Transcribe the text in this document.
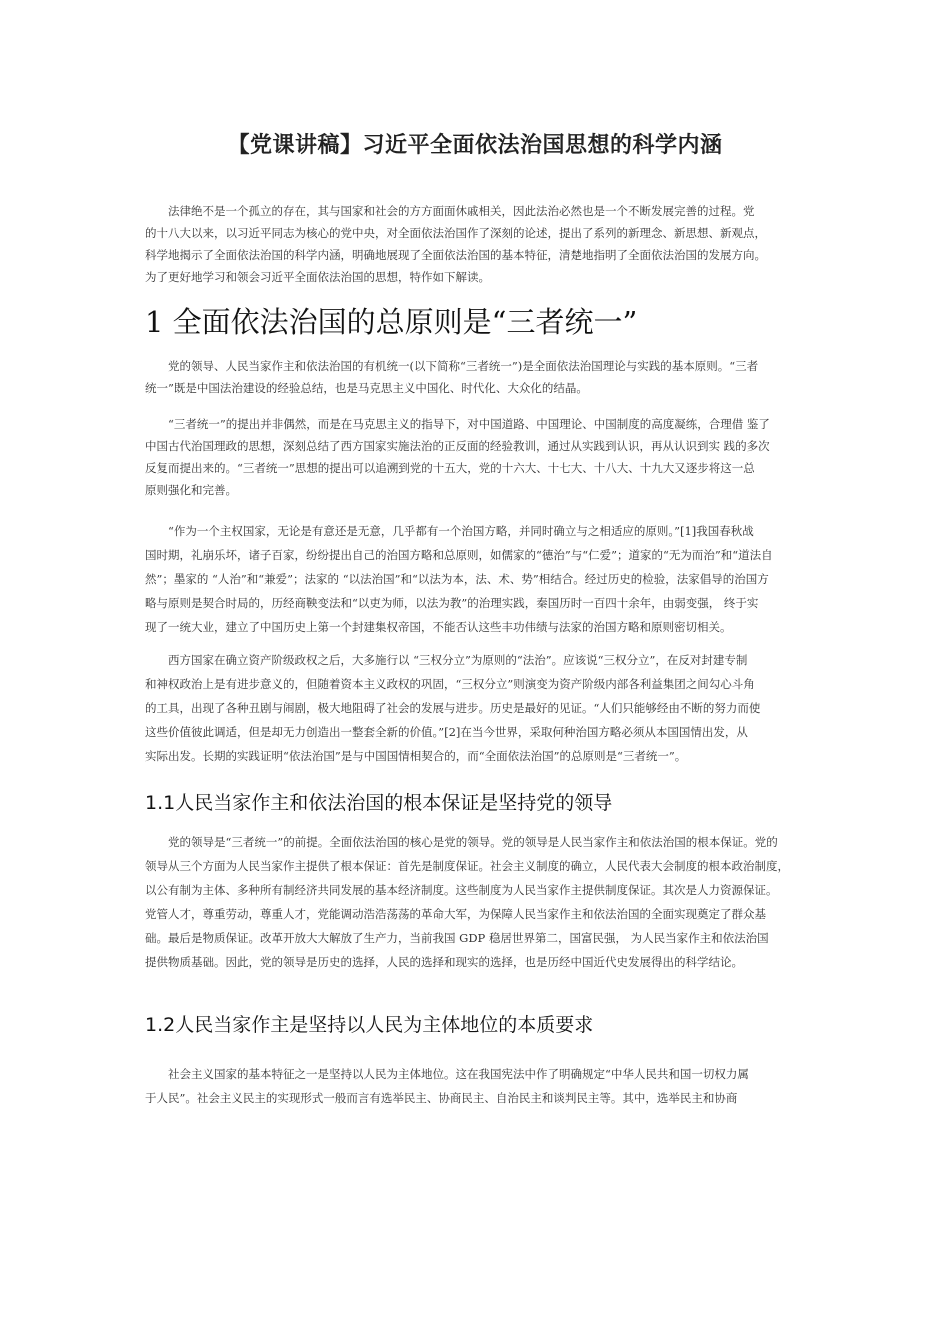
【党课讲稿】习近平全面依法治国思想的科学内涵
法律绝不是一个孤立的存在，其与国家和社会的方方面面休戚相关，因此法治必然也是一个不断发展完善的过程。党
的十八大以来，以习近平同志为核心的党中央，对全面依法治国作了深刻的论述，提出了系列的新理念、新思想、新观点，
科学地揭示了全面依法治国的科学内涵，明确地展现了全面依法治国的基本特征，清楚地指明了全面依法治国的发展方向。
为了更好地学习和领会习近平全面依法治国的思想，特作如下解读。
1 全面依法治国的总原则是“三者统一”
党的领导、人民当家作主和依法治国的有机统一(以下简称“三者统一”)是全面依法治国理论与实践的基本原则。“三者
统一”既是中国法治建设的经验总结，也是马克思主义中国化、时代化、大众化的结晶。
“三者统一”的提出并非偶然，而是在马克思主义的指导下，对中国道路、中国理论、中国制度的高度凝练，合理借 鉴了
中国古代治国理政的思想，深刻总结了西方国家实施法治的正反面的经验教训，通过从实践到认识，再从认识到实 践的多次
反复而提出来的。“三者统一”思想的提出可以追溯到党的十五大，党的十六大、十七大、十八大、十九大又逐步将这一总
原则强化和完善。
“作为一个主权国家，无论是有意还是无意，几乎都有一个治国方略，并同时确立与之相适应的原则。”[1]我国春秋战
国时期，礼崩乐坏，诸子百家，纷纷提出自己的治国方略和总原则，如儒家的“德治”与“仁爱”；道家的“无为而治”和“道法自
然”；墨家的 “人治”和“兼爱”；法家的 “以法治国”和“以法为本，法、术、势”相结合。经过历史的检验，法家倡导的治国方
略与原则是契合时局的，历经商鞅变法和“以吏为师，以法为教”的治理实践，秦国历时一百四十余年，由弱变强， 终于实
现了一统大业，建立了中国历史上第一个封建集权帝国，不能否认这些丰功伟绩与法家的治国方略和原则密切相关。
西方国家在确立资产阶级政权之后，大多施行以 “三权分立”为原则的“法治”。应该说“三权分立”，在反对封建专制
和神权政治上是有进步意义的，但随着资本主义政权的巩固，“三权分立”则演变为资产阶级内部各利益集团之间勾心斗角
的工具，出现了各种丑剧与闹剧，极大地阻碍了社会的发展与进步。历史是最好的见证。“人们只能够经由不断的努力而使
这些价值彼此调适，但是却无力创造出一整套全新的价值。”[2]在当今世界，采取何种治国方略必须从本国国情出发，从
实际出发。长期的实践证明“依法治国”是与中国国情相契合的，而“全面依法治国”的总原则是“三者统一”。
1.1人民当家作主和依法治国的根本保证是坚持党的领导
党的领导是“三者统一”的前提。全面依法治国的核心是党的领导。党的领导是人民当家作主和依法治国的根本保证。党的
领导从三个方面为人民当家作主提供了根本保证：首先是制度保证。社会主义制度的确立，人民代表大会制度的根本政治制度，
以公有制为主体、多种所有制经济共同发展的基本经济制度。这些制度为人民当家作主提供制度保证。其次是人力资源保证。
党管人才，尊重劳动，尊重人才，党能调动浩浩荡荡的革命大军，为保障人民当家作主和依法治国的全面实现奠定了群众基
础。最后是物质保证。改革开放大大解放了生产力，当前我国 GDP 稳居世界第二，国富民强， 为人民当家作主和依法治国
提供物质基础。因此，党的领导是历史的选择，人民的选择和现实的选择，也是历经中国近代史发展得出的科学结论。
1.2人民当家作主是坚持以人民为主体地位的本质要求
社会主义国家的基本特征之一是坚持以人民为主体地位。这在我国宪法中作了明确规定“中华人民共和国一切权力属
于人民”。社会主义民主的实现形式一般而言有选举民主、协商民主、自治民主和谈判民主等。其中，选举民主和协商
